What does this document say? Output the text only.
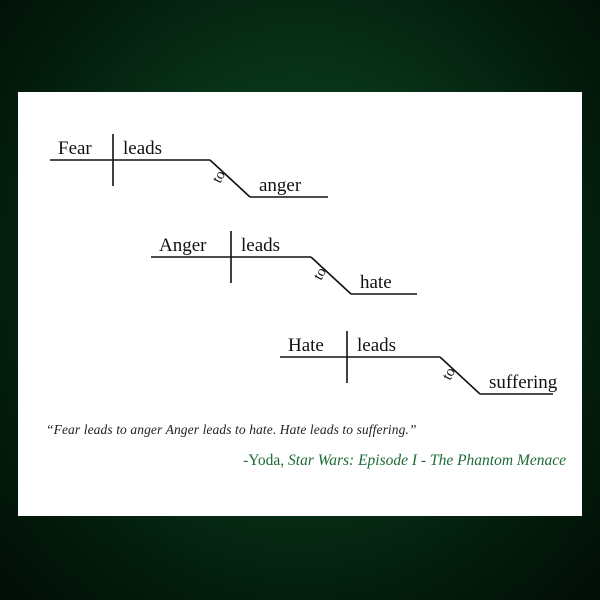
Fear leads
to anger
Anger leads
to hate
Hate leads
to suffering
“Fear leads to anger Anger leads to hate. Hate leads to suffering.”
-Yoda, Star Wars: Episode I - The Phantom Menace
